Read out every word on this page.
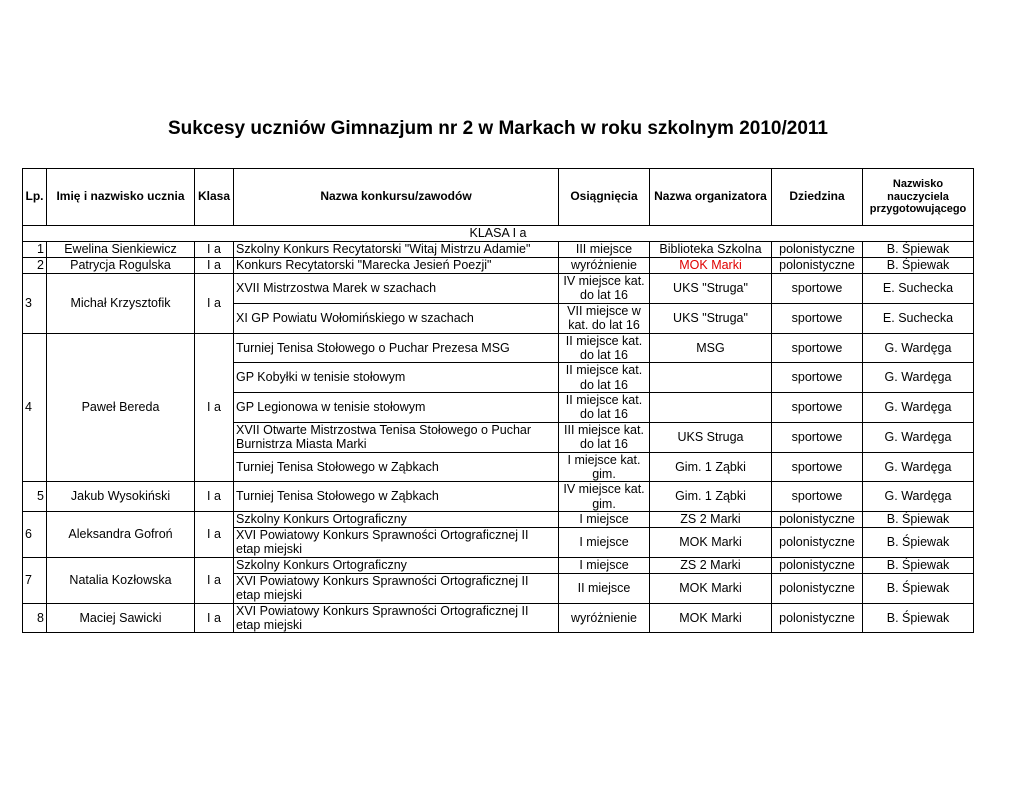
Sukcesy uczniów Gimnazjum nr 2 w Markach w roku szkolnym 2010/2011
Lp.	Imię i nazwisko ucznia	Klasa	Nazwa konkursu/zawodów	Osiągnięcia	Nazwa organizatora	Dziedzina	Nazwisko nauczyciela przygotowującego
KLASA I a							
1	Ewelina Sienkiewicz	I a	Szkolny Konkurs Recytatorski "Witaj Mistrzu Adamie"	III miejsce	Biblioteka Szkolna	polonistyczne	B. Śpiewak
2	Patrycja Rogulska	I a	Konkurs Recytatorski "Marecka Jesień Poezji"	wyróżnienie	MOK Marki	polonistyczne	B. Śpiewak
3	Michał Krzysztofik	I a	XVII Mistrzostwa Marek w szachach	IV miejsce kat. do lat 16	UKS "Struga"	sportowe	E. Suchecka
			XI GP Powiatu Wołomińskiego w szachach	VII miejsce w kat. do lat 16	UKS "Struga"	sportowe	E. Suchecka
4	Paweł Bereda	I a	Turniej Tenisa Stołowego o Puchar Prezesa MSG	II miejsce kat. do lat 16	MSG	sportowe	G. Wardęga
			GP Kobyłki w tenisie stołowym	II miejsce kat. do lat 16		sportowe	G. Wardęga
			GP Legionowa w tenisie stołowym	II miejsce kat. do lat 16		sportowe	G. Wardęga
			XVII Otwarte Mistrzostwa Tenisa Stołowego o Puchar Burnistrza Miasta Marki	III miejsce kat. do lat 16	UKS Struga	sportowe	G. Wardęga
			Turniej Tenisa Stołowego w Ząbkach	I miejsce kat. gim.	Gim. 1 Ząbki	sportowe	G. Wardęga
5	Jakub Wysokiński	I a	Turniej Tenisa Stołowego w Ząbkach	IV miejsce kat. gim.	Gim. 1 Ząbki	sportowe	G. Wardęga
6	Aleksandra Gofroń	I a	Szkolny Konkurs Ortograficzny	I miejsce	ZS 2 Marki	polonistyczne	B. Śpiewak
			XVI Powiatowy Konkurs Sprawności Ortograficznej II etap miejski	I miejsce	MOK Marki	polonistyczne	B. Śpiewak
7	Natalia Kozłowska	I a	Szkolny Konkurs Ortograficzny	I miejsce	ZS 2 Marki	polonistyczne	B. Śpiewak
			XVI Powiatowy Konkurs Sprawności Ortograficznej II etap miejski	II miejsce	MOK Marki	polonistyczne	B. Śpiewak
8	Maciej Sawicki	I a	XVI Powiatowy Konkurs Sprawności Ortograficznej II etap miejski	wyróżnienie	MOK Marki	polonistyczne	B. Śpiewak
